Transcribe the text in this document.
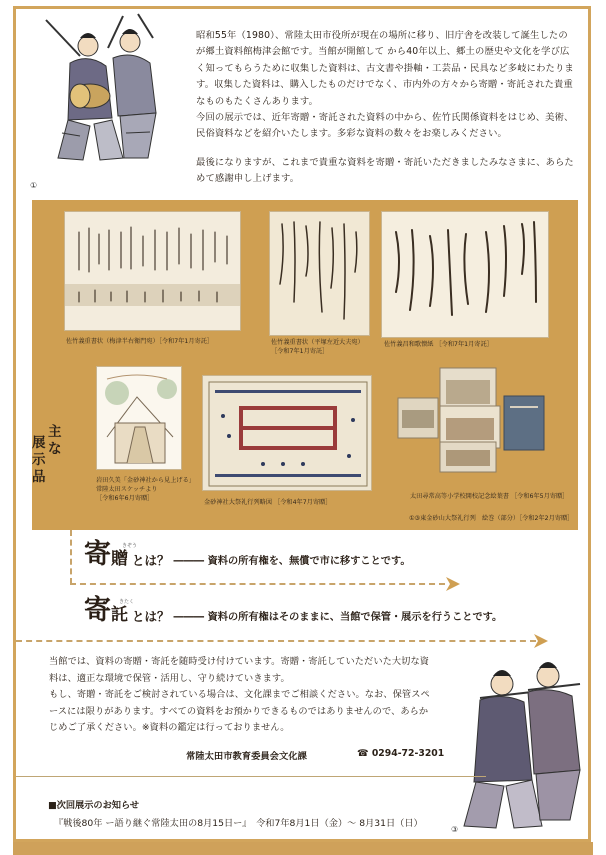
①

昭和55年（1980）、常陸太田市役所が現在の場所に移り、旧庁舎を改装して誕生したのが郷土資料館梅津会館です。当館が開館して から40年以上、郷土の歴史や文化を学び広く知ってもらうために収集した資料は、古文書や掛軸・工芸品・民具など多岐にわたります。収集した資料は、購入したものだけでなく、市内外の方々から寄贈・寄託された貴重なものもたくさんあります。

今回の展示では、近年寄贈・寄託された資料の中から、佐竹氏関係資料をはじめ、美術、民俗資料などを紹介いたします。多彩な資料の数々をお楽しみください。

最後になりますが、これまで貴重な資料を寄贈・寄託いただきましたみなさまに、あらためて感謝申し上げます。

佐竹義重書状（梅津半右衛門宛）［令和7年1月寄託］	佐竹義重書状（平塚左近大夫宛）
［令和7年1月寄託］
佐竹義昌和歌懐紙 ［令和7年1月寄託］
岩田久美「金砂神社から見上げる」
常陸太田スケッチより
［令和6年6月寄贈］
金砂神社大祭礼行列略図 ［令和4年7月寄贈］
太田尋常高等小学校開校記念絵葉書 ［令和6年5月寄贈］
①③東金砂山大祭礼行列　絵巻（部分）［令和2年2月寄贈］
主
な
展
示
品
きぞう
寄 贈 とは？ ――― 資料の所有権を、無償で市に移すことです。
きたく
寄 託 とは？ ――― 資料の所有権はそのままに、当館で保管・展示を行うことです。

当館では、資料の寄贈・寄託を随時受け付けています。寄贈・寄託していただいた大切な資

料は、適正な環境で保管・活用し、守り続けていきます。

もし、寄贈・寄託をご検討されている場合は、文化課までご相談ください。なお、保管スペ

ースには限りがあります。すべての資料をお預かりできるものではありませんので、あらか

じめご了承ください。※資料の鑑定は行っておりません。

常陸太田市教育委員会文化課	☎ 0294-72-3201
③
■次回展示のお知らせ
『戦後80年 ー語り継ぐ常陸太田の8月15日ー』　令和7年8月1日（金）〜 8月31日（日）
